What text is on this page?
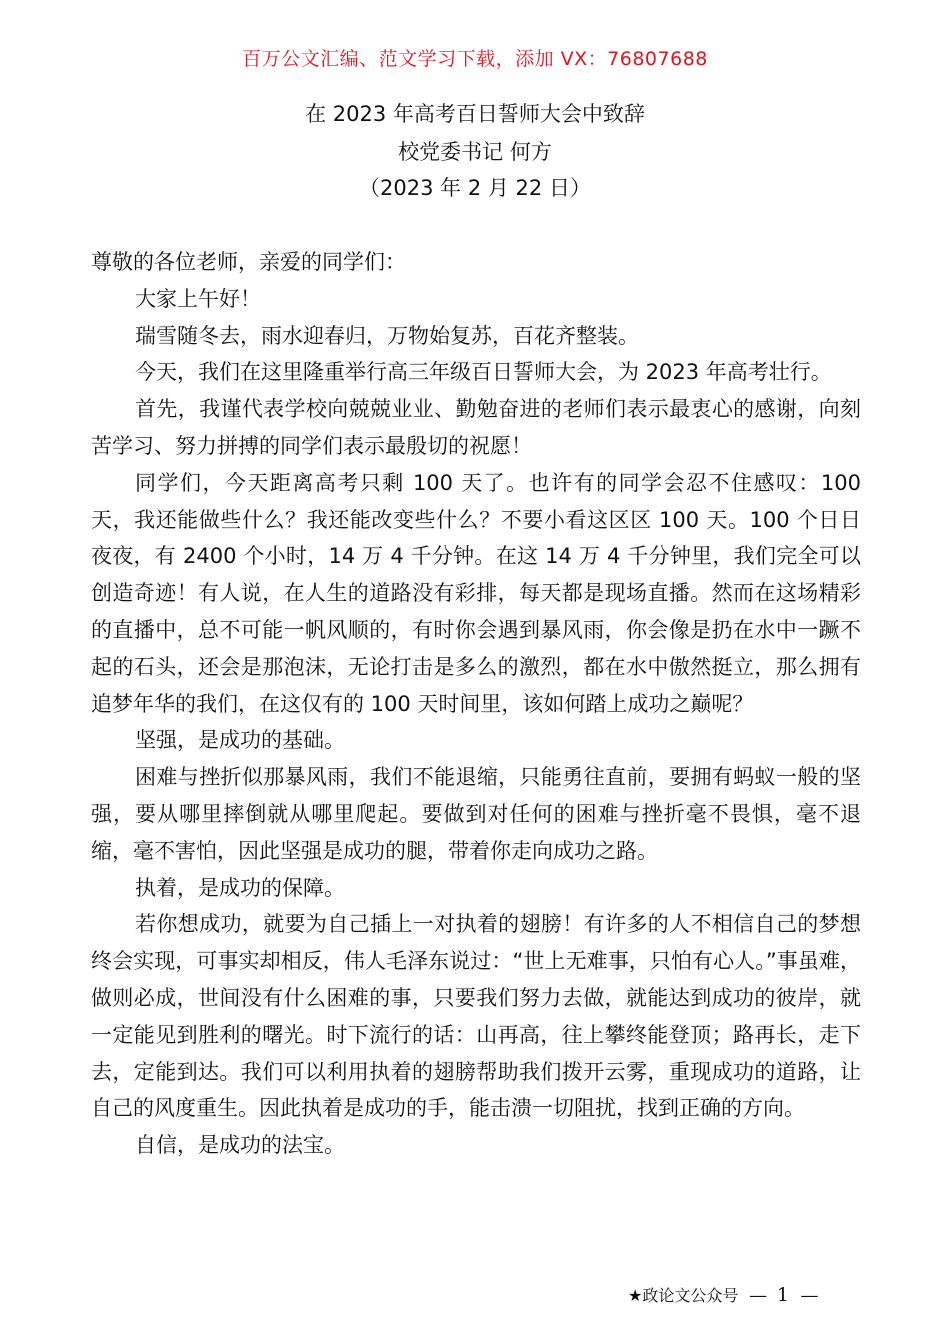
百万公文汇编、范文学习下载，添加 VX：76807688
在 2023 年高考百日誓师大会中致辞
校党委书记 何方
（2023 年 2 月 22 日）

尊敬的各位老师，亲爱的同学们：

大家上午好！

瑞雪随冬去，雨水迎春归，万物始复苏，百花齐整装。

今天，我们在这里隆重举行高三年级百日誓师大会，为 2023 年高考壮行。

首先，我谨代表学校向兢兢业业、勤勉奋进的老师们表示最衷心的感谢，向刻苦学习、努力拼搏的同学们表示最殷切的祝愿！

同学们，今天距离高考只剩 100 天了。也许有的同学会忍不住感叹：100 天，我还能做些什么？我还能改变些什么？不要小看这区区 100 天。100 个日日夜夜，有 2400 个小时，14 万 4 千分钟。在这 14 万 4 千分钟里，我们完全可以创造奇迹！有人说，在人生的道路没有彩排，每天都是现场直播。然而在这场精彩的直播中，总不可能一帆风顺的，有时你会遇到暴风雨，你会像是扔在水中一蹶不起的石头，还会是那泡沫，无论打击是多么的激烈，都在水中傲然挺立，那么拥有追梦年华的我们，在这仅有的 100 天时间里，该如何踏上成功之巅呢？

坚强，是成功的基础。

困难与挫折似那暴风雨，我们不能退缩，只能勇往直前，要拥有蚂蚁一般的坚强，要从哪里摔倒就从哪里爬起。要做到对任何的困难与挫折毫不畏惧，毫不退缩，毫不害怕，因此坚强是成功的腿，带着你走向成功之路。

执着，是成功的保障。

若你想成功，就要为自己插上一对执着的翅膀！有许多的人不相信自己的梦想终会实现，可事实却相反，伟人毛泽东说过：“世上无难事，只怕有心人。”事虽难，做则必成，世间没有什么困难的事，只要我们努力去做，就能达到成功的彼岸，就一定能见到胜利的曙光。时下流行的话：山再高，往上攀终能登顶；路再长，走下去，定能到达。我们可以利用执着的翅膀帮助我们拨开云雾，重现成功的道路，让自己的风度重生。因此执着是成功的手，能击溃一切阻扰，找到正确的方向。

自信，是成功的法宝。

★政论文公众号  — 1  —
